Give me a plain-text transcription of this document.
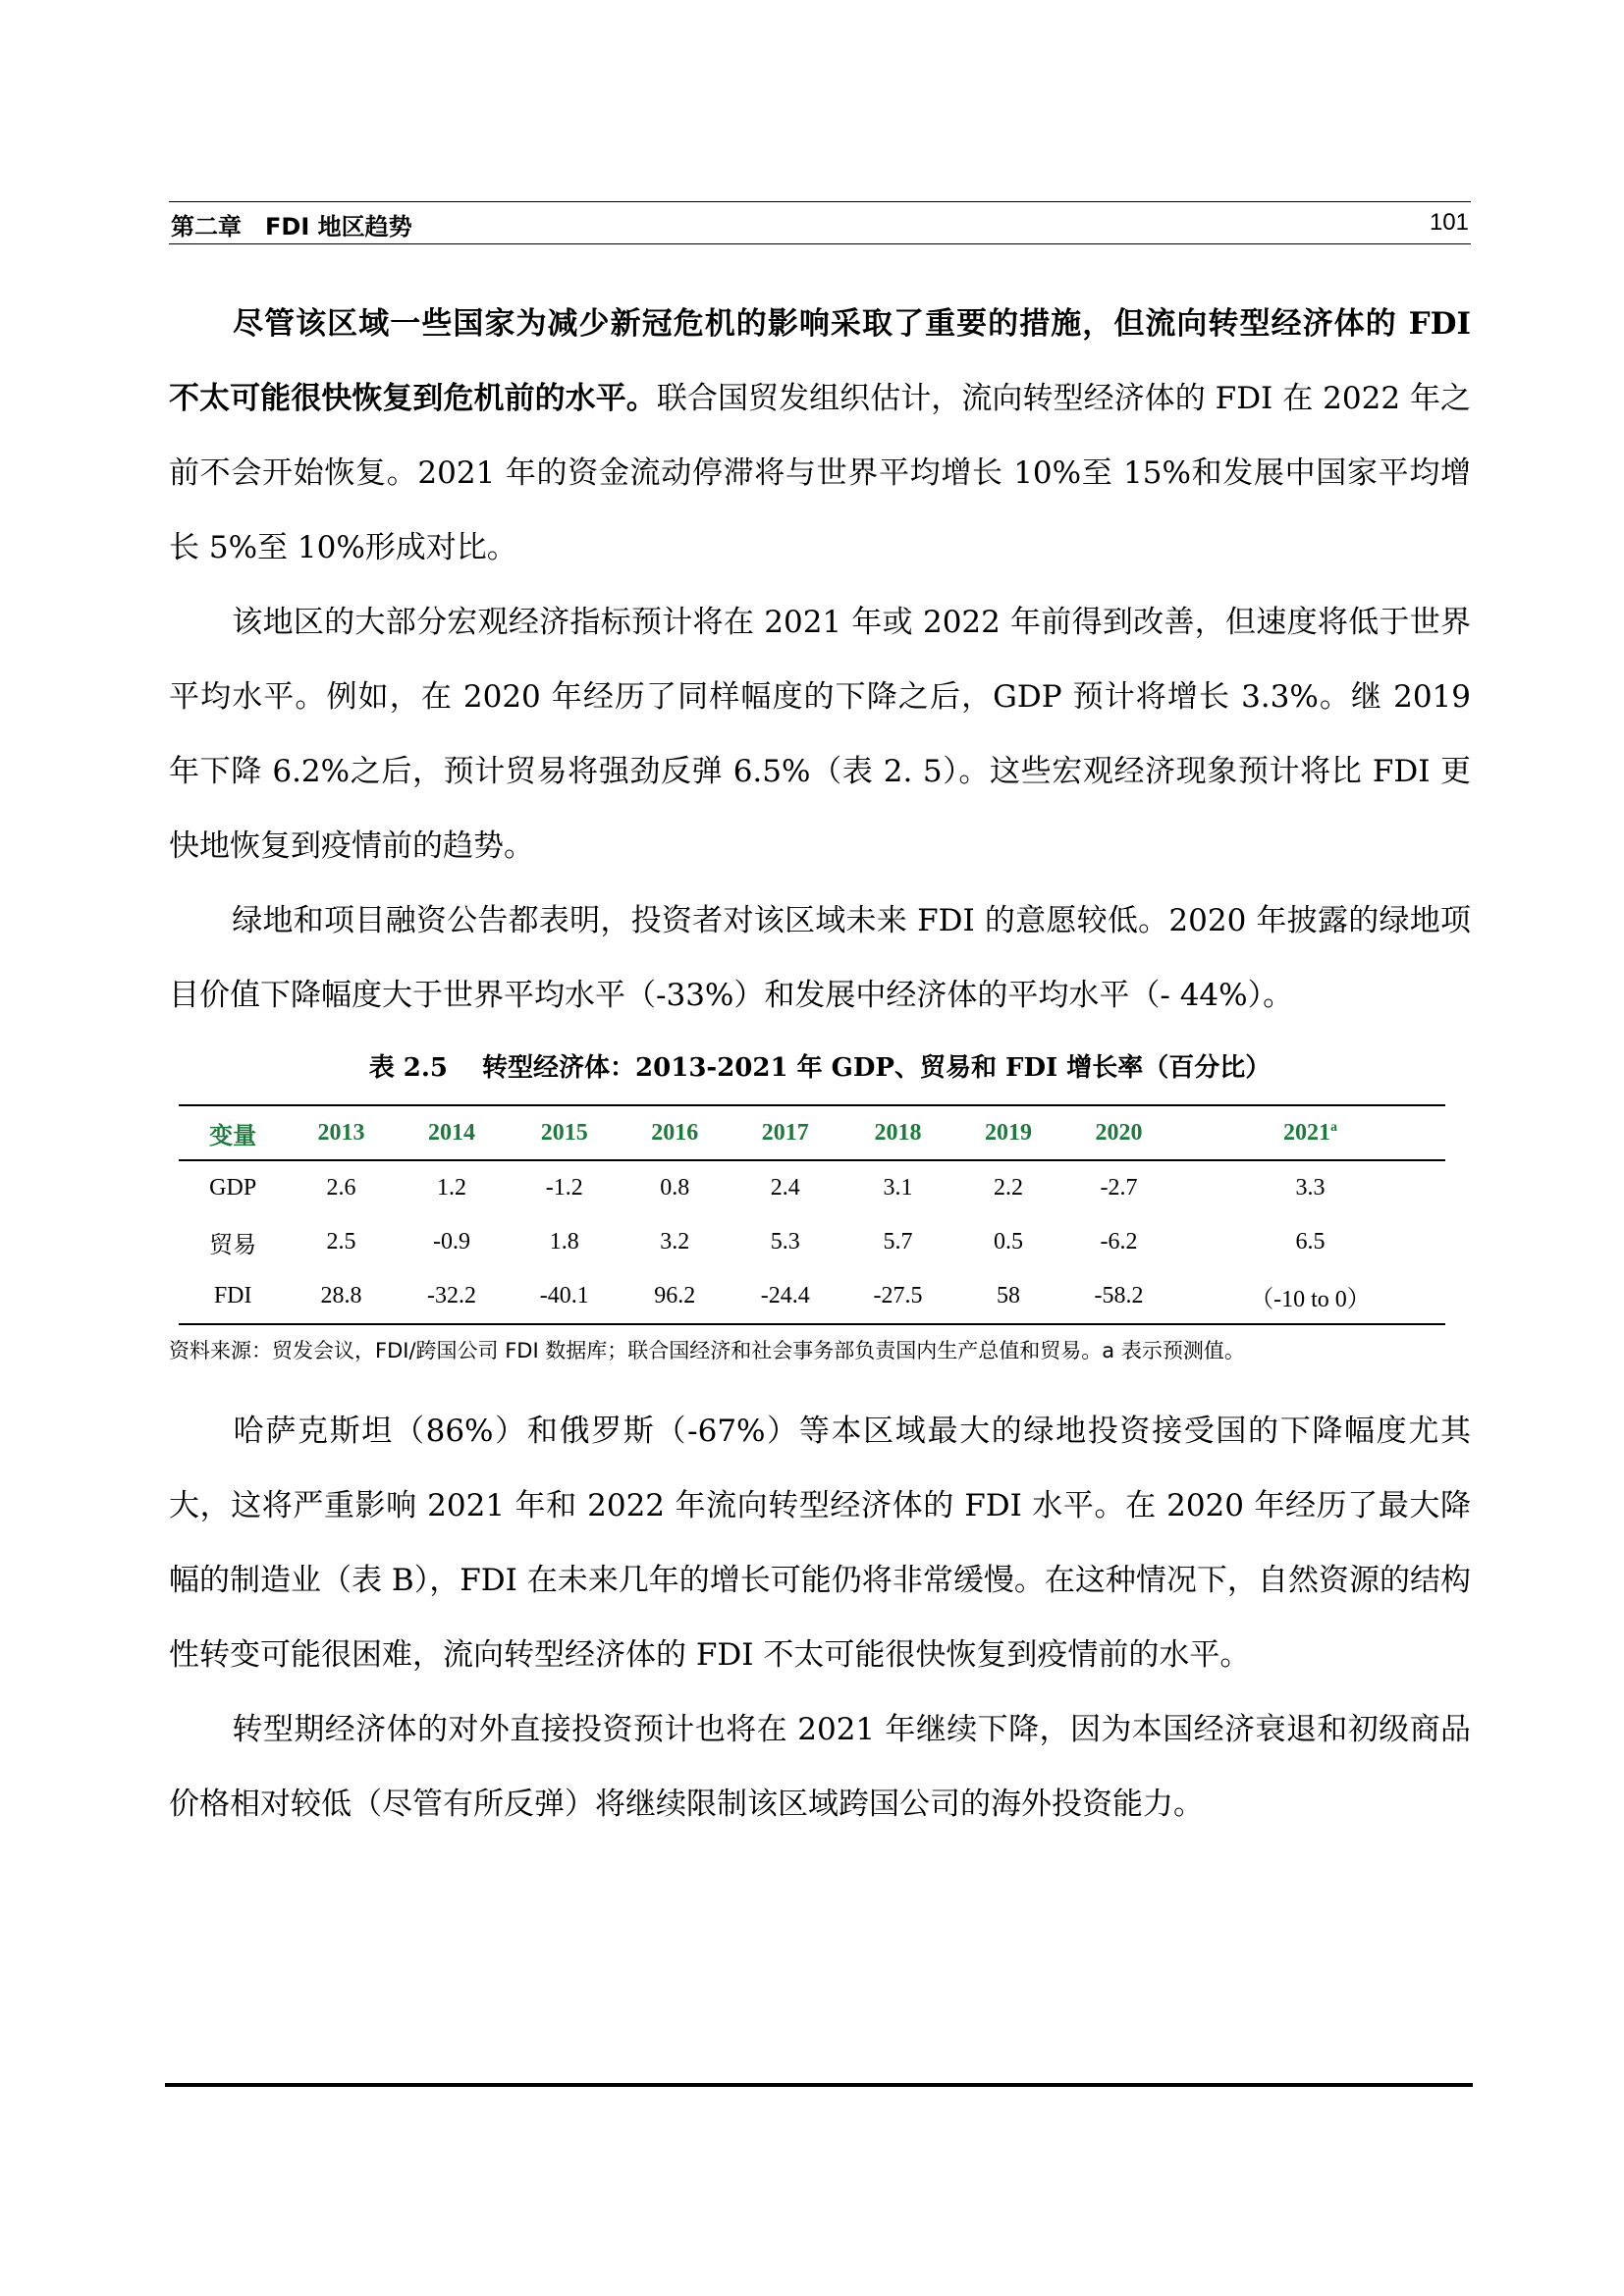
第二章　FDI 地区趋势	101

尽管该区域一些国家为减少新冠危机的影响采取了重要的措施，但流向转型经济体的 FDI 不太可能很快恢复到危机前的水平。联合国贸发组织估计，流向转型经济体的 FDI 在 2022 年之前不会开始恢复。2021 年的资金流动停滞将与世界平均增长 10%至 15%和发展中国家平均增长 5%至 10%形成对比。

该地区的大部分宏观经济指标预计将在 2021 年或 2022 年前得到改善，但速度将低于世界平均水平。例如，在 2020 年经历了同样幅度的下降之后，GDP 预计将增长 3.3%。继 2019 年下降 6.2%之后，预计贸易将强劲反弹 6.5%（表 2. 5）。这些宏观经济现象预计将比 FDI 更快地恢复到疫情前的趋势。

绿地和项目融资公告都表明，投资者对该区域未来 FDI 的意愿较低。2020 年披露的绿地项目价值下降幅度大于世界平均水平（-33%）和发展中经济体的平均水平（- 44%）。

表 2.5　 转型经济体：2013-2021 年 GDP、贸易和 FDI 增长率（百分比）
变量	2013	2014	2015	2016	2017	2018	2019	2020	2021$^a$
GDP	2.6	1.2	-1.2	0.8	2.4	3.1	2.2	-2.7	3.3
贸易	2.5	-0.9	1.8	3.2	5.3	5.7	0.5	-6.2	6.5
FDI	28.8	-32.2	-40.1	96.2	-24.4	-27.5	58	-58.2	（-10 to 0）
资料来源：贸发会议，FDI/跨国公司 FDI 数据库；联合国经济和社会事务部负责国内生产总值和贸易。a 表示预测值。

哈萨克斯坦（86%）和俄罗斯（-67%）等本区域最大的绿地投资接受国的下降幅度尤其大，这将严重影响 2021 年和 2022 年流向转型经济体的 FDI 水平。在 2020 年经历了最大降幅的制造业（表 B），FDI 在未来几年的增长可能仍将非常缓慢。在这种情况下，自然资源的结构性转变可能很困难，流向转型经济体的 FDI 不太可能很快恢复到疫情前的水平。

转型期经济体的对外直接投资预计也将在 2021 年继续下降，因为本国经济衰退和初级商品价格相对较低（尽管有所反弹）将继续限制该区域跨国公司的海外投资能力。
